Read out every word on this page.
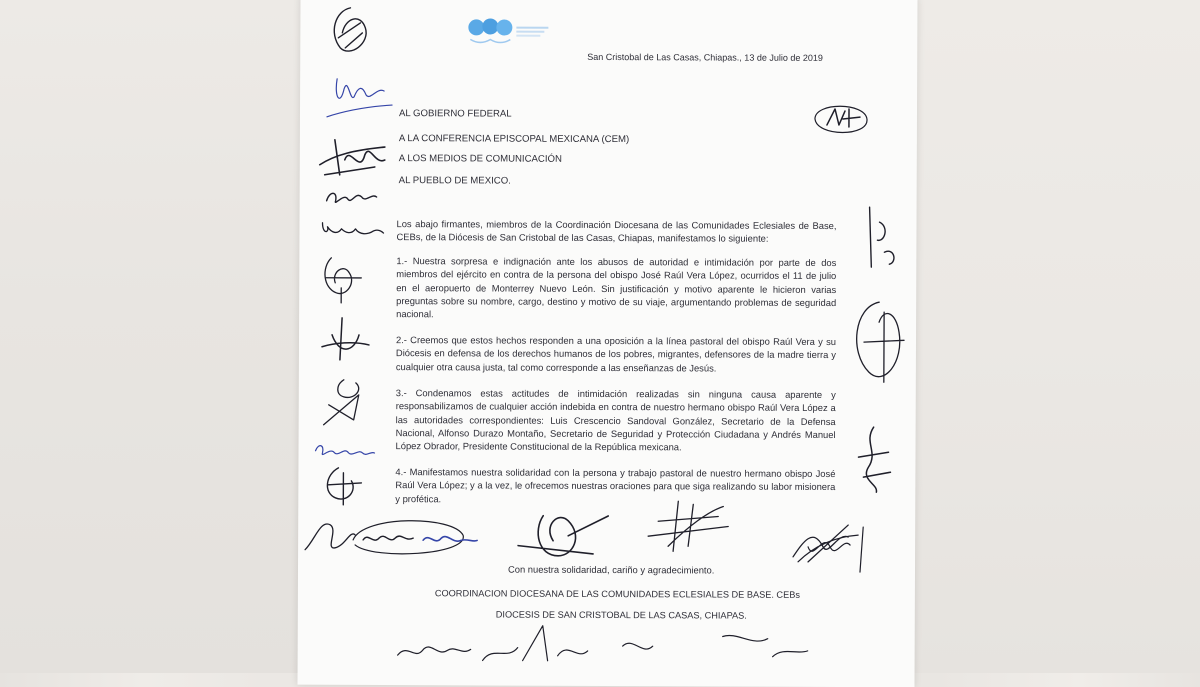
San Cristobal de Las Casas, Chiapas., 13 de Julio de 2019
AL GOBIERNO FEDERAL
A LA CONFERENCIA EPISCOPAL MEXICANA (CEM)
A LOS MEDIOS DE COMUNICACIÓN
AL PUEBLO DE MEXICO.
Los abajo firmantes, miembros de la Coordinación Diocesana de las Comunidades Eclesiales de Base, CEBs, de la Diócesis de San Cristobal de las Casas, Chiapas, manifestamos lo siguiente:
1.- Nuestra sorpresa e indignación ante los abusos de autoridad e intimidación por parte de dos miembros del ejército en contra de la persona del obispo José Raúl Vera López, ocurridos el 11 de julio en el aeropuerto de Monterrey Nuevo León. Sin justificación y motivo aparente le hicieron varias preguntas sobre su nombre, cargo, destino y motivo de su viaje, argumentando problemas de seguridad nacional.
2.- Creemos que estos hechos responden a una oposición a la línea pastoral del obispo Raúl Vera y su Diócesis en defensa de los derechos humanos de los pobres, migrantes, defensores de la madre tierra y cualquier otra causa justa, tal como corresponde a las enseñanzas de Jesús.
3.- Condenamos estas actitudes de intimidación realizadas sin ninguna causa aparente y responsabilizamos de cualquier acción indebida en contra de nuestro hermano obispo Raúl Vera López a las autoridades correspondientes: Luis Crescencio Sandoval González, Secretario de la Defensa Nacional, Alfonso Durazo Montaño, Secretario de Seguridad y Protección Ciudadana y Andrés Manuel López Obrador, Presidente Constitucional de la República mexicana.
4.- Manifestamos nuestra solidaridad con la persona y trabajo pastoral de nuestro hermano obispo José Raúl Vera López; y a la vez, le ofrecemos nuestras oraciones para que siga realizando su labor misionera y profética.
Con nuestra solidaridad, cariño y agradecimiento.
COORDINACION DIOCESANA DE LAS COMUNIDADES ECLESIALES DE BASE. CEBs
DIOCESIS DE SAN CRISTOBAL DE LAS CASAS, CHIAPAS.
